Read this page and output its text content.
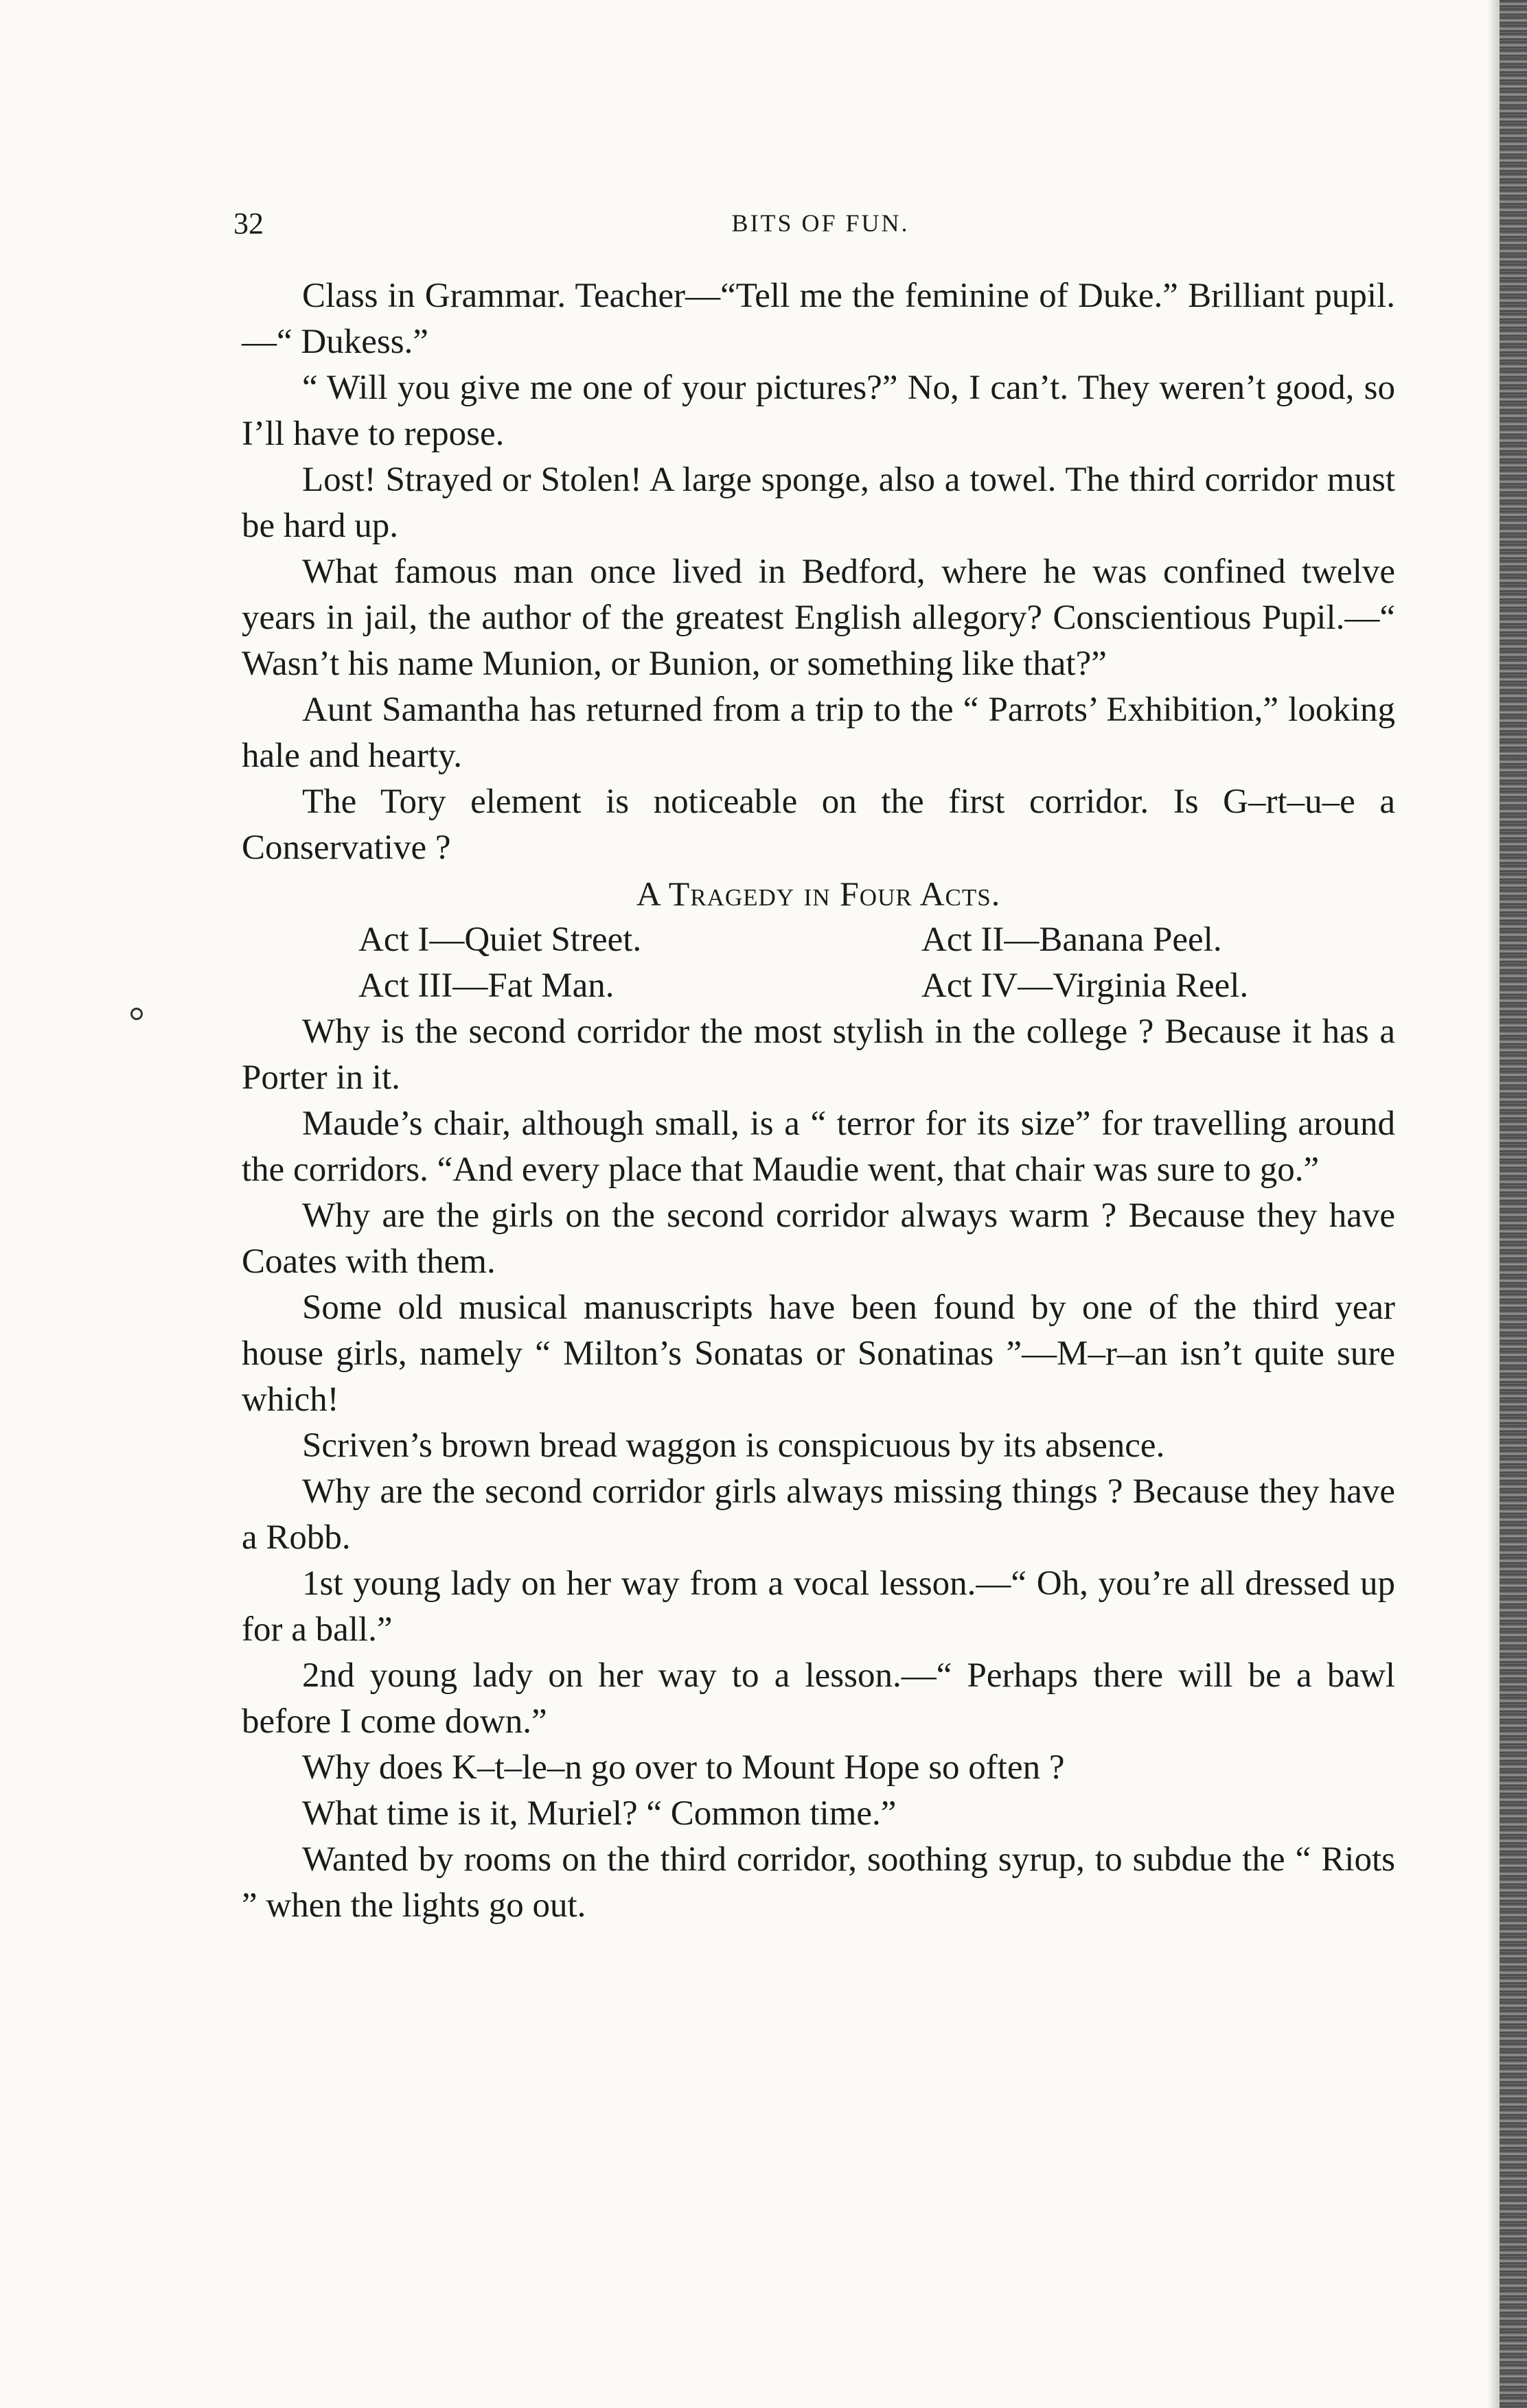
32	BITS OF FUN.

Class in Grammar. Teacher—“Tell me the feminine of Duke.” Brilliant pupil.—“ Dukess.”

“ Will you give me one of your pictures?” No, I can’t. They weren’t good, so I’ll have to repose.

Lost! Strayed or Stolen! A large sponge, also a towel. The third corridor must be hard up.

What famous man once lived in Bedford, where he was confined twelve years in jail, the author of the greatest English allegory? Conscientious Pupil.—“ Wasn’t his name Munion, or Bunion, or something like that?”

Aunt Samantha has returned from a trip to the “ Parrots’ Exhibition,” looking hale and hearty.

The Tory element is noticeable on the first corridor. Is G–rt–u–e a Conservative ?

A Tragedy in Four Acts.

Act I—Quiet Street.	Act II—Banana Peel.
Act III—Fat Man.	Act IV—Virginia Reel.

Why is the second corridor the most stylish in the college ? Because it has a Porter in it.

Maude’s chair, although small, is a “ terror for its size” for travelling around the corridors. “And every place that Maudie went, that chair was sure to go.”

Why are the girls on the second corridor always warm ? Because they have Coates with them.

Some old musical manuscripts have been found by one of the third year house girls, namely “ Milton’s Sonatas or Sonatinas ”—M–r–an isn’t quite sure which!

Scriven’s brown bread waggon is conspicuous by its absence.

Why are the second corridor girls always missing things ? Because they have a Robb.

1st young lady on her way from a vocal lesson.—“ Oh, you’re all dressed up for a ball.”

2nd young lady on her way to a lesson.—“ Perhaps there will be a bawl before I come down.”

Why does K–t–le–n go over to Mount Hope so often ?

What time is it, Muriel? “ Common time.”

Wanted by rooms on the third corridor, soothing syrup, to subdue the “ Riots ” when the lights go out.
